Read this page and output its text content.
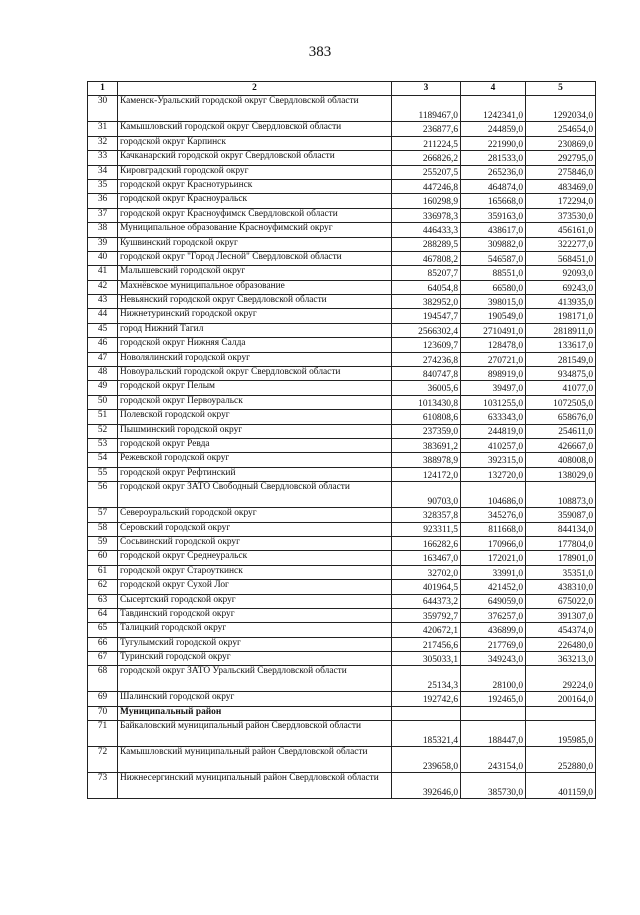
383
1	2	3	4	5
30	Каменск-Уральский городской округ Свердловской области	1189467,0	1242341,0	1292034,0
31	Камышловский городской округ Свердловской области	236877,6	244859,0	254654,0
32	городской округ Карпинск	211224,5	221990,0	230869,0
33	Качканарский городской округ Свердловской области	266826,2	281533,0	292795,0
34	Кировградский городской округ	255207,5	265236,0	275846,0
35	городской округ Краснотурьинск	447246,8	464874,0	483469,0
36	городской округ Красноуральск	160298,9	165668,0	172294,0
37	городской округ Красноуфимск Свердловской области	336978,3	359163,0	373530,0
38	Муниципальное образование Красноуфимский округ	446433,3	438617,0	456161,0
39	Кушвинский городской округ	288289,5	309882,0	322277,0
40	городской округ "Город Лесной" Свердловской области	467808,2	546587,0	568451,0
41	Малышевский городской округ	85207,7	88551,0	92093,0
42	Махнёвское муниципальное образование	64054,8	66580,0	69243,0
43	Невьянский городской округ Свердловской области	382952,0	398015,0	413935,0
44	Нижнетуринский городской округ	194547,7	190549,0	198171,0
45	город Нижний Тагил	2566302,4	2710491,0	2818911,0
46	городской округ Нижняя Салда	123609,7	128478,0	133617,0
47	Новолялинский городской округ	274236,8	270721,0	281549,0
48	Новоуральский городской округ Свердловской области	840747,8	898919,0	934875,0
49	городской округ Пелым	36005,6	39497,0	41077,0
50	городской округ Первоуральск	1013430,8	1031255,0	1072505,0
51	Полевской городской округ	610808,6	633343,0	658676,0
52	Пышминский городской округ	237359,0	244819,0	254611,0
53	городской округ Ревда	383691,2	410257,0	426667,0
54	Режевской городской округ	388978,9	392315,0	408008,0
55	городской округ Рефтинский	124172,0	132720,0	138029,0
56	городской округ ЗАТО Свободный Свердловской области	90703,0	104686,0	108873,0
57	Североуральский городской округ	328357,8	345276,0	359087,0
58	Серовский городской округ	923311,5	811668,0	844134,0
59	Сосьвинский городской округ	166282,6	170966,0	177804,0
60	городской округ Среднеуральск	163467,0	172021,0	178901,0
61	городской округ Староуткинск	32702,0	33991,0	35351,0
62	городской округ Сухой Лог	401964,5	421452,0	438310,0
63	Сысертский городской округ	644373,2	649059,0	675022,0
64	Тавдинский городской округ	359792,7	376257,0	391307,0
65	Талицкий городской округ	420672,1	436899,0	454374,0
66	Тугулымский городской округ	217456,6	217769,0	226480,0
67	Туринский городской округ	305033,1	349243,0	363213,0
68	городской округ ЗАТО Уральский Свердловской области	25134,3	28100,0	29224,0
69	Шалинский городской округ	192742,6	192465,0	200164,0
70	Муниципальный район			
71	Байкаловский муниципальный район Свердловской области	185321,4	188447,0	195985,0
72	Камышловский муниципальный район Свердловской области	239658,0	243154,0	252880,0
73	Нижнесергинский муниципальный район Свердловской области	392646,0	385730,0	401159,0
